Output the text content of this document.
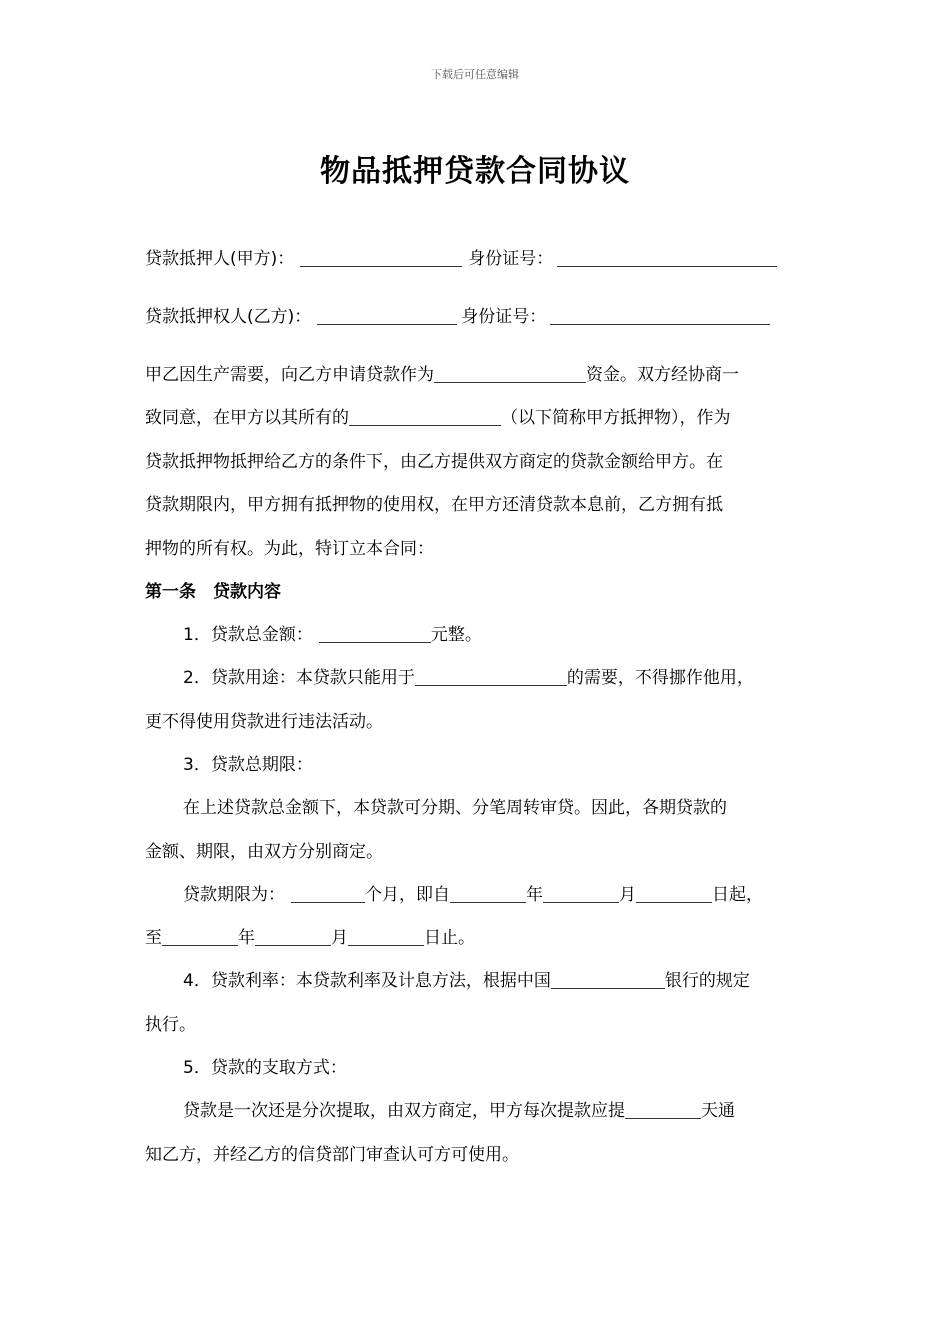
下载后可任意编辑
物品抵押贷款合同协议
贷款抵押人(甲方)：	身份证号：
贷款抵押权人(乙方)：	身份证号：
甲乙因生产需要，向乙方申请贷款作为	资金。双方经协商一
致同意，在甲方以其所有的	（以下简称甲方抵押物），作为
贷款抵押物抵押给乙方的条件下，由乙方提供双方商定的贷款金额给甲方。在
贷款期限内，甲方拥有抵押物的使用权，在甲方还清贷款本息前，乙方拥有抵
押物的所有权。为此，特订立本合同：
第一条　贷款内容
1．贷款总金额：	元整。
2．贷款用途：本贷款只能用于	的需要，不得挪作他用，
更不得使用贷款进行违法活动。
3．贷款总期限：
在上述贷款总金额下，本贷款可分期、分笔周转审贷。因此，各期贷款的
金额、期限，由双方分别商定。
贷款期限为：	个月，即自	年	月	日起，
至	年	月	日止。
4．贷款利率：本贷款利率及计息方法，根据中国	银行的规定
执行。
5．贷款的支取方式：
贷款是一次还是分次提取，由双方商定，甲方每次提款应提	天通
知乙方，并经乙方的信贷部门审查认可方可使用。
